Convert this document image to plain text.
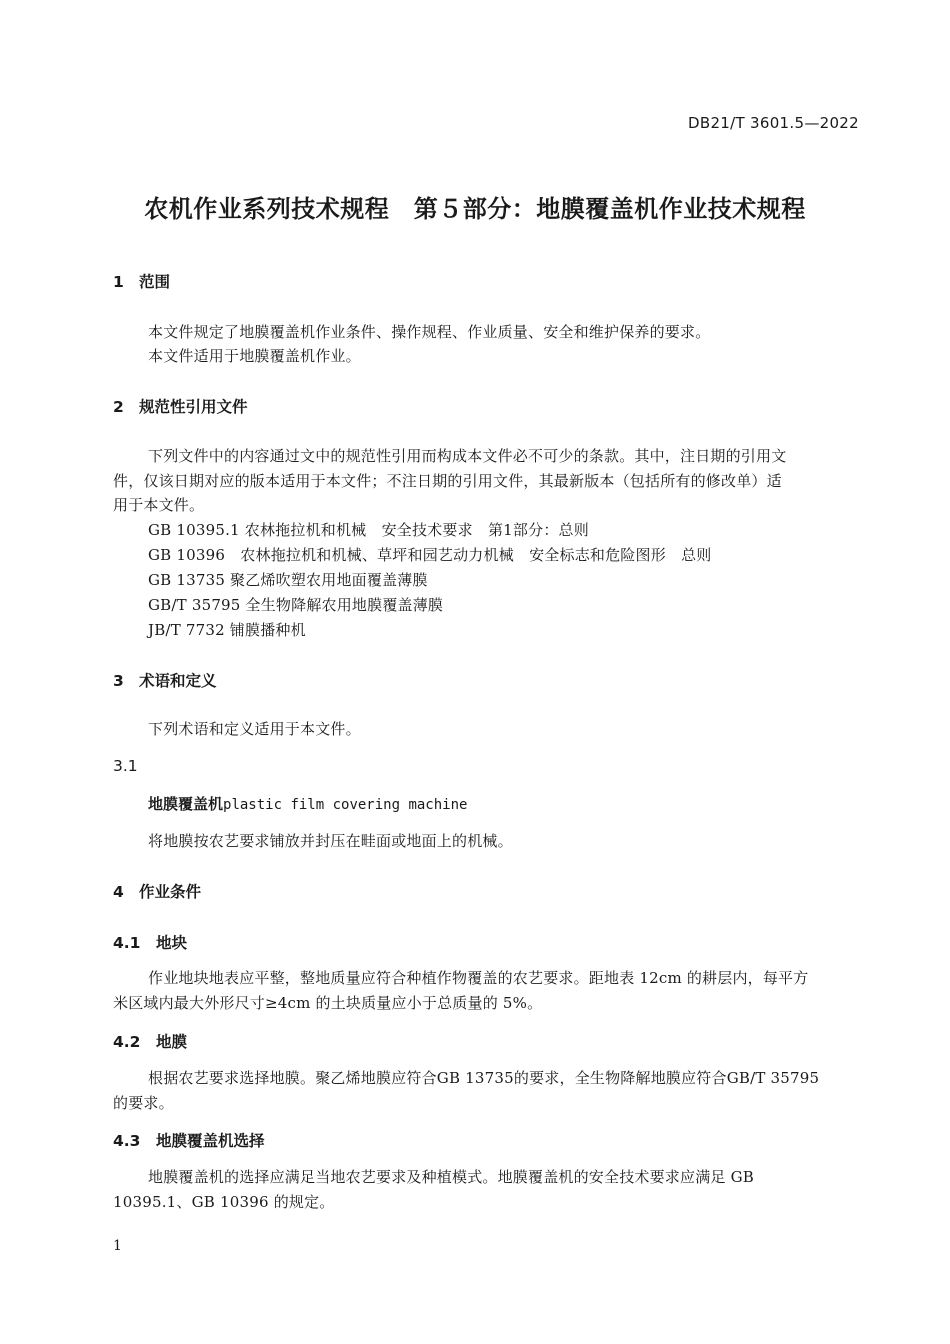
DB21/T 3601.5—2022
农机作业系列技术规程　第５部分：地膜覆盖机作业技术规程
1 范围
本文件规定了地膜覆盖机作业条件、操作规程、作业质量、安全和维护保养的要求。
本文件适用于地膜覆盖机作业。
2 规范性引用文件
下列文件中的内容通过文中的规范性引用而构成本文件必不可少的条款。其中，注日期的引用文
件，仅该日期对应的版本适用于本文件；不注日期的引用文件，其最新版本（包括所有的修改单）适
用于本文件。
GB 10395.1 农林拖拉机和机械　安全技术要求　第1部分：总则
GB 10396　农林拖拉机和机械、草坪和园艺动力机械　安全标志和危险图形　总则
GB 13735 聚乙烯吹塑农用地面覆盖薄膜
GB/T 35795 全生物降解农用地膜覆盖薄膜
JB/T 7732 铺膜播种机
3 术语和定义
下列术语和定义适用于本文件。
3.1
地膜覆盖机plastic film covering machine
将地膜按农艺要求铺放并封压在畦面或地面上的机械。
4 作业条件
4.1 地块
作业地块地表应平整，整地质量应符合种植作物覆盖的农艺要求。距地表 12cm 的耕层内，每平方
米区域内最大外形尺寸≥4cm 的土块质量应小于总质量的 5%。
4.2 地膜
根据农艺要求选择地膜。聚乙烯地膜应符合GB 13735的要求，全生物降解地膜应符合GB/T 35795
的要求。
4.3 地膜覆盖机选择
地膜覆盖机的选择应满足当地农艺要求及种植模式。地膜覆盖机的安全技术要求应满足 GB
10395.1、GB 10396 的规定。
1
